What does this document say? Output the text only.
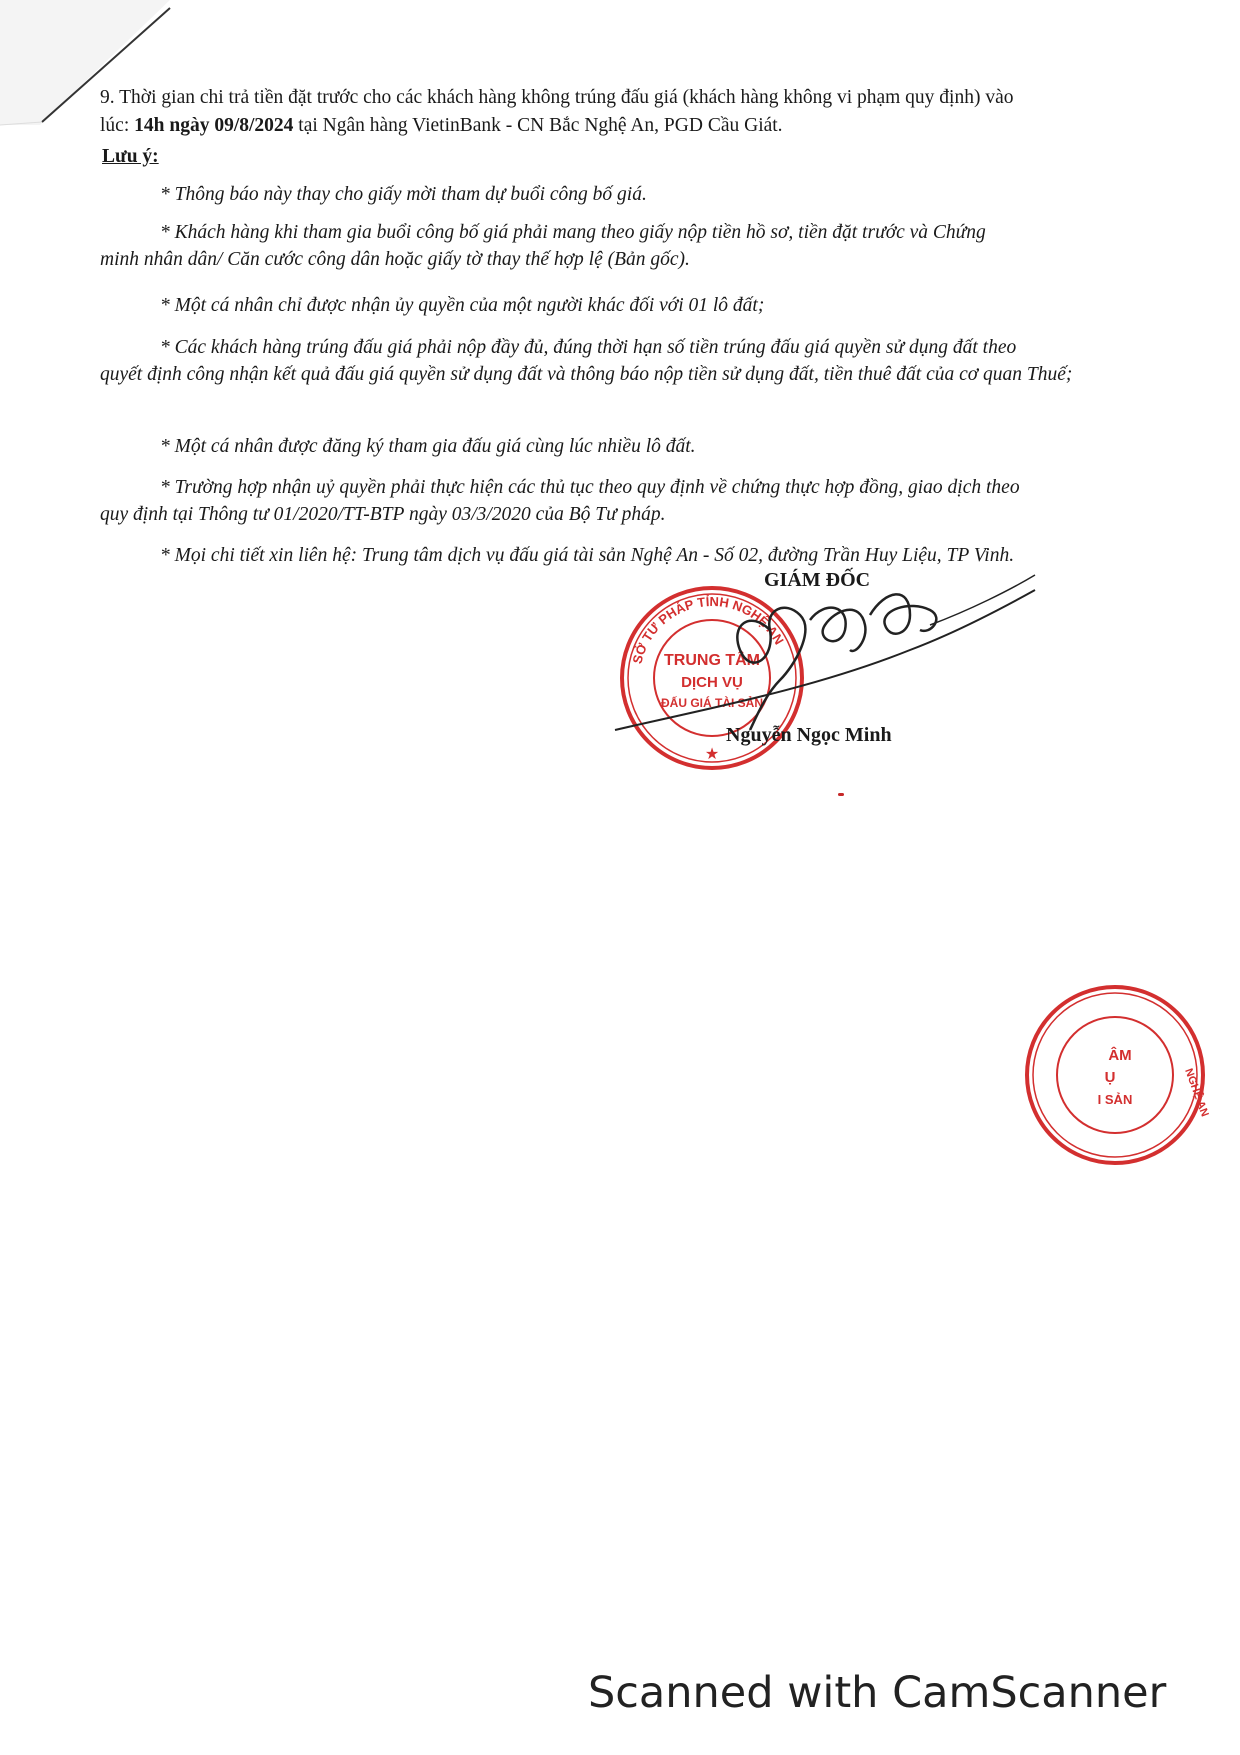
9. Thời gian chi trả tiền đặt trước cho các khách hàng không trúng đấu giá (khách hàng không vi phạm quy định) vào
lúc: 14h ngày 09/8/2024 tại Ngân hàng VietinBank - CN Bắc Nghệ An, PGD Cầu Giát.
Lưu ý:
* Thông báo này thay cho giấy mời tham dự buổi công bố giá.
* Khách hàng khi tham gia buổi công bố giá phải mang theo giấy nộp tiền hồ sơ, tiền đặt trước và Chứng
minh nhân dân/ Căn cước công dân hoặc giấy tờ thay thế hợp lệ (Bản gốc).
* Một cá nhân chỉ được nhận ủy quyền của một người khác đối với 01 lô đất;
* Các khách hàng trúng đấu giá phải nộp đầy đủ, đúng thời hạn số tiền trúng đấu giá quyền sử dụng đất theo
quyết định công nhận kết quả đấu giá quyền sử dụng đất và thông báo nộp tiền sử dụng đất, tiền thuê đất của cơ quan Thuế;
* Một cá nhân được đăng ký tham gia đấu giá cùng lúc nhiều lô đất.
* Trường hợp nhận uỷ quyền phải thực hiện các thủ tục theo quy định về chứng thực hợp đồng, giao dịch theo
quy định tại Thông tư 01/2020/TT-BTP ngày 03/3/2020 của Bộ Tư pháp.
* Mọi chi tiết xin liên hệ: Trung tâm dịch vụ đấu giá tài sản Nghệ An - Số 02, đường Trần Huy Liệu, TP Vinh.
SỞ TƯ PHÁP TỈNH NGHỆ AN
TRUNG TÂM
DỊCH VỤ
ĐẤU GIÁ TÀI SẢN
★
GIÁM ĐỐC
Nguyễn Ngọc Minh
ÂM
Ụ
I SẢN	NGHỆ AN
Scanned with CamScanner
